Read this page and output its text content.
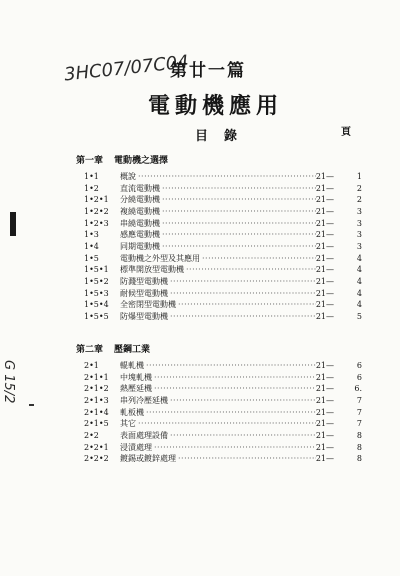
3HC07/07C04
G 15/2
第廿一篇
電動機應用
目錄	頁
第一章 電動機之選擇
1•1	概說 ·····	21—	1
1•2	直流電動機 ·····	21—	2
1•2•1 分繞電動機 ·····	21—	2
1•2•2 複繞電動機 ·····	21—	3
1•2•3 串繞電動機 ·····	21—	3
1•3	感應電動機 ·····	21—	3
1•4	同期電動機 ·····	21—	3
1•5	電動機之外型及其應用 ·····	21—	4
1•5•1 標準開放型電動機 ·····	21—	4
1•5•2 防濺型電動機 ·····	21—	4
1•5•3 耐候型電動機 ·····	21—	4
1•5•4 全密閉型電動機 ·····	21—	4
1•5•5 防爆型電動機 ·····	21—	5
第二章 壓鋼工業
2•1	輥軋機 ·····	21—	6
2•1•1 中塊軋機 ·····	21—	6
2•1•2 熱壓延機 ·····	21—	6.
2•1•3 串列冷壓延機 ·····	21—	7
2•1•4 軋板機 ·····	21—	7
2•1•5 其它 ·····	21—	7
2•2	表面處理設備 ·····	21—	8
2•2•1 浸漬處理 ·····	21—	8
2•2•2 鍍錫或鍍鋅處理 ·····	21—	8
